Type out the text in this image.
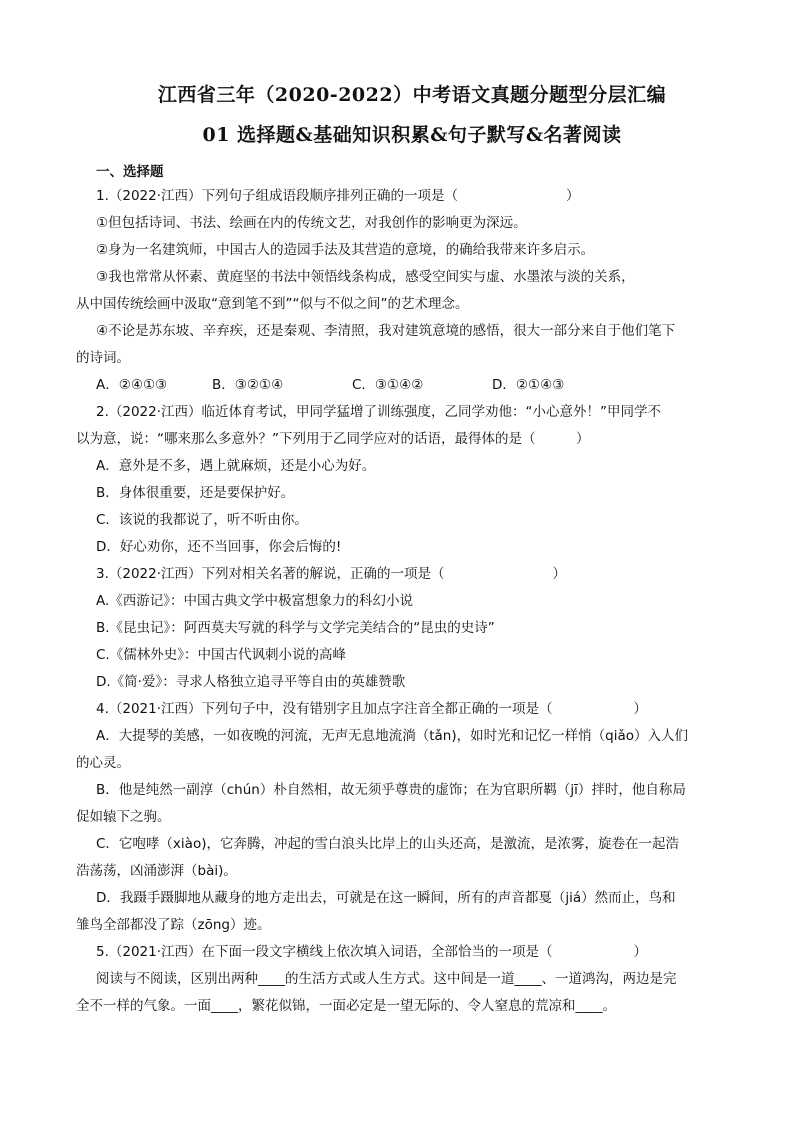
江西省三年（2020-2022）中考语文真题分题型分层汇编
01 选择题&基础知识积累&句子默写&名著阅读
一、选择题
1.（2022·江西）下列句子组成语段顺序排列正确的一项是（　　　　　　　　）
①但包括诗词、书法、绘画在内的传统文艺，对我创作的影响更为深远。
②身为一名建筑师，中国古人的造园手法及其营造的意境，的确给我带来许多启示。
③我也常常从怀素、黄庭坚的书法中领悟线条构成，感受空间实与虚、水墨浓与淡的关系，
从中国传统绘画中汲取“意到笔不到”“似与不似之间”的艺术理念。
④不论是苏东坡、辛弃疾，还是秦观、李清照，我对建筑意境的感悟，很大一部分来自于他们笔下
的诗词。
A．②④①③	B．③②①④	C．③①④②	D．②①④③
2.（2022·江西）临近体育考试，甲同学猛增了训练强度，乙同学劝他：“小心意外！”甲同学不
以为意，说：“哪来那么多意外？”下列用于乙同学应对的话语，最得体的是（　　　）
A．意外是不多，遇上就麻烦，还是小心为好。
B．身体很重要，还是要保护好。
C．该说的我都说了，听不听由你。
D．好心劝你，还不当回事，你会后悔的!
3.（2022·江西）下列对相关名著的解说，正确的一项是（　　　　　　　　）
A.《西游记》：中国古典文学中极富想象力的科幻小说
B.《昆虫记》：阿西莫夫写就的科学与文学完美结合的“昆虫的史诗”
C.《儒林外史》：中国古代讽刺小说的高峰
D.《简·爱》：寻求人格独立追寻平等自由的英雄赞歌
4.（2021·江西）下列句子中，没有错别字且加点字注音全都正确的一项是（　　　　　　）
A．大提琴的美感，一如夜晚的河流，无声无息地流淌（tǎn)，如时光和记忆一样悄（qiǎo）入人们
的心灵。
B．他是纯然一副淳（chún）朴自然相，故无须乎尊贵的虚饰；在为官职所羁（jī）拌时，他自称局
促如辕下之驹。
C．它咆哮（xiào)，它奔腾，冲起的雪白浪头比岸上的山头还高，是激流，是浓雾，旋卷在一起浩
浩荡荡，凶涌澎湃（bài)。
D．我蹑手蹑脚地从藏身的地方走出去，可就是在这一瞬间，所有的声音都戛（jiá）然而止，鸟和
雏鸟全部都没了踪（zōng）迹。
5.（2021·江西）在下面一段文字横线上依次填入词语，全部恰当的一项是（　　　　　　）
阅读与不阅读，区别出两种____的生活方式或人生方式。这中间是一道____、一道鸿沟，两边是完
全不一样的气象。一面____，繁花似锦，一面必定是一望无际的、令人窒息的荒凉和____。
